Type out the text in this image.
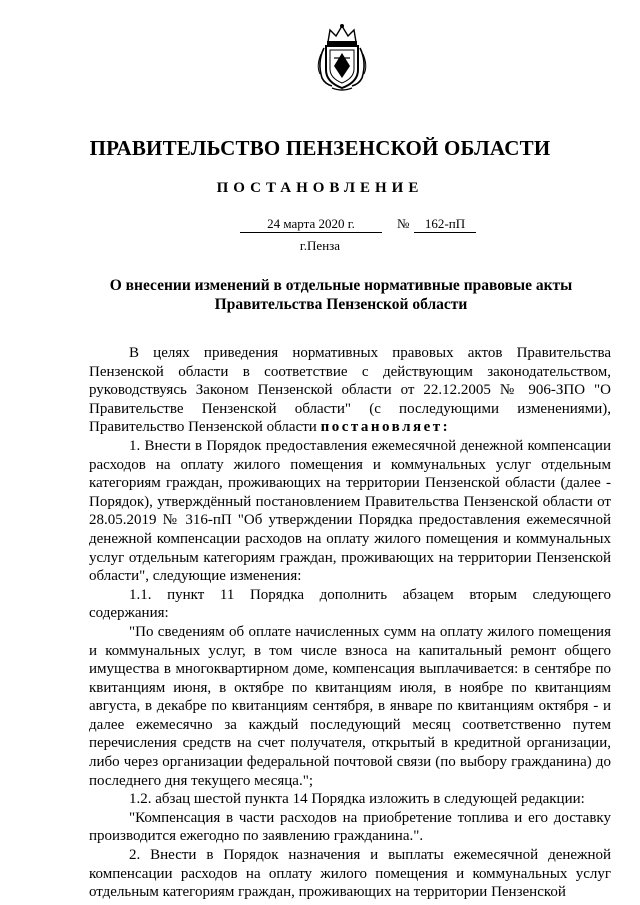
ПРАВИТЕЛЬСТВО ПЕНЗЕНСКОЙ ОБЛАСТИ
ПОСТАНОВЛЕНИЕ
24 марта 2020 г.	№	162-пП
г.Пенза
О внесении изменений в отдельные нормативные правовые акты
Правительства Пензенской области

В целях приведения нормативных правовых актов Правительства Пензенской области в соответствие с действующим законодательством, руководствуясь Законом Пензенской области от 22.12.2005 № 906-ЗПО "О Правительстве Пензенской области" (с последующими изменениями), Правительство Пензенской области постановляет:

1. Внести в Порядок предоставления ежемесячной денежной компенсации расходов на оплату жилого помещения и коммунальных услуг отдельным категориям граждан, проживающих на территории Пензенской области (далее - Порядок), утверждённый постановлением Правительства Пензенской области от 28.05.2019 № 316-пП "Об утверждении Порядка предоставления ежемесячной денежной компенсации расходов на оплату жилого помещения и коммунальных услуг отдельным категориям граждан, проживающих на территории Пензенской области", следующие изменения:

1.1. пункт 11 Порядка дополнить абзацем вторым следующего содержания:

"По сведениям об оплате начисленных сумм на оплату жилого помещения и коммунальных услуг, в том числе взноса на капитальный ремонт общего имущества в многоквартирном доме, компенсация выплачивается: в сентябре по квитанциям июня, в октябре по квитанциям июля, в ноябре по квитанциям августа, в декабре по квитанциям сентября, в январе по квитанциям октября - и далее ежемесячно за каждый последующий месяц соответственно путем перечисления средств на счет получателя, открытый в кредитной организации, либо через организации федеральной почтовой связи (по выбору гражданина) до последнего дня текущего месяца.";

1.2. абзац шестой пункта 14 Порядка изложить в следующей редакции:

"Компенсация в части расходов на приобретение топлива и его доставку производится ежегодно по заявлению гражданина.".

2. Внести в Порядок назначения и выплаты ежемесячной денежной компенсации расходов на оплату жилого помещения и коммунальных услуг отдельным категориям граждан, проживающих на территории Пензенской
